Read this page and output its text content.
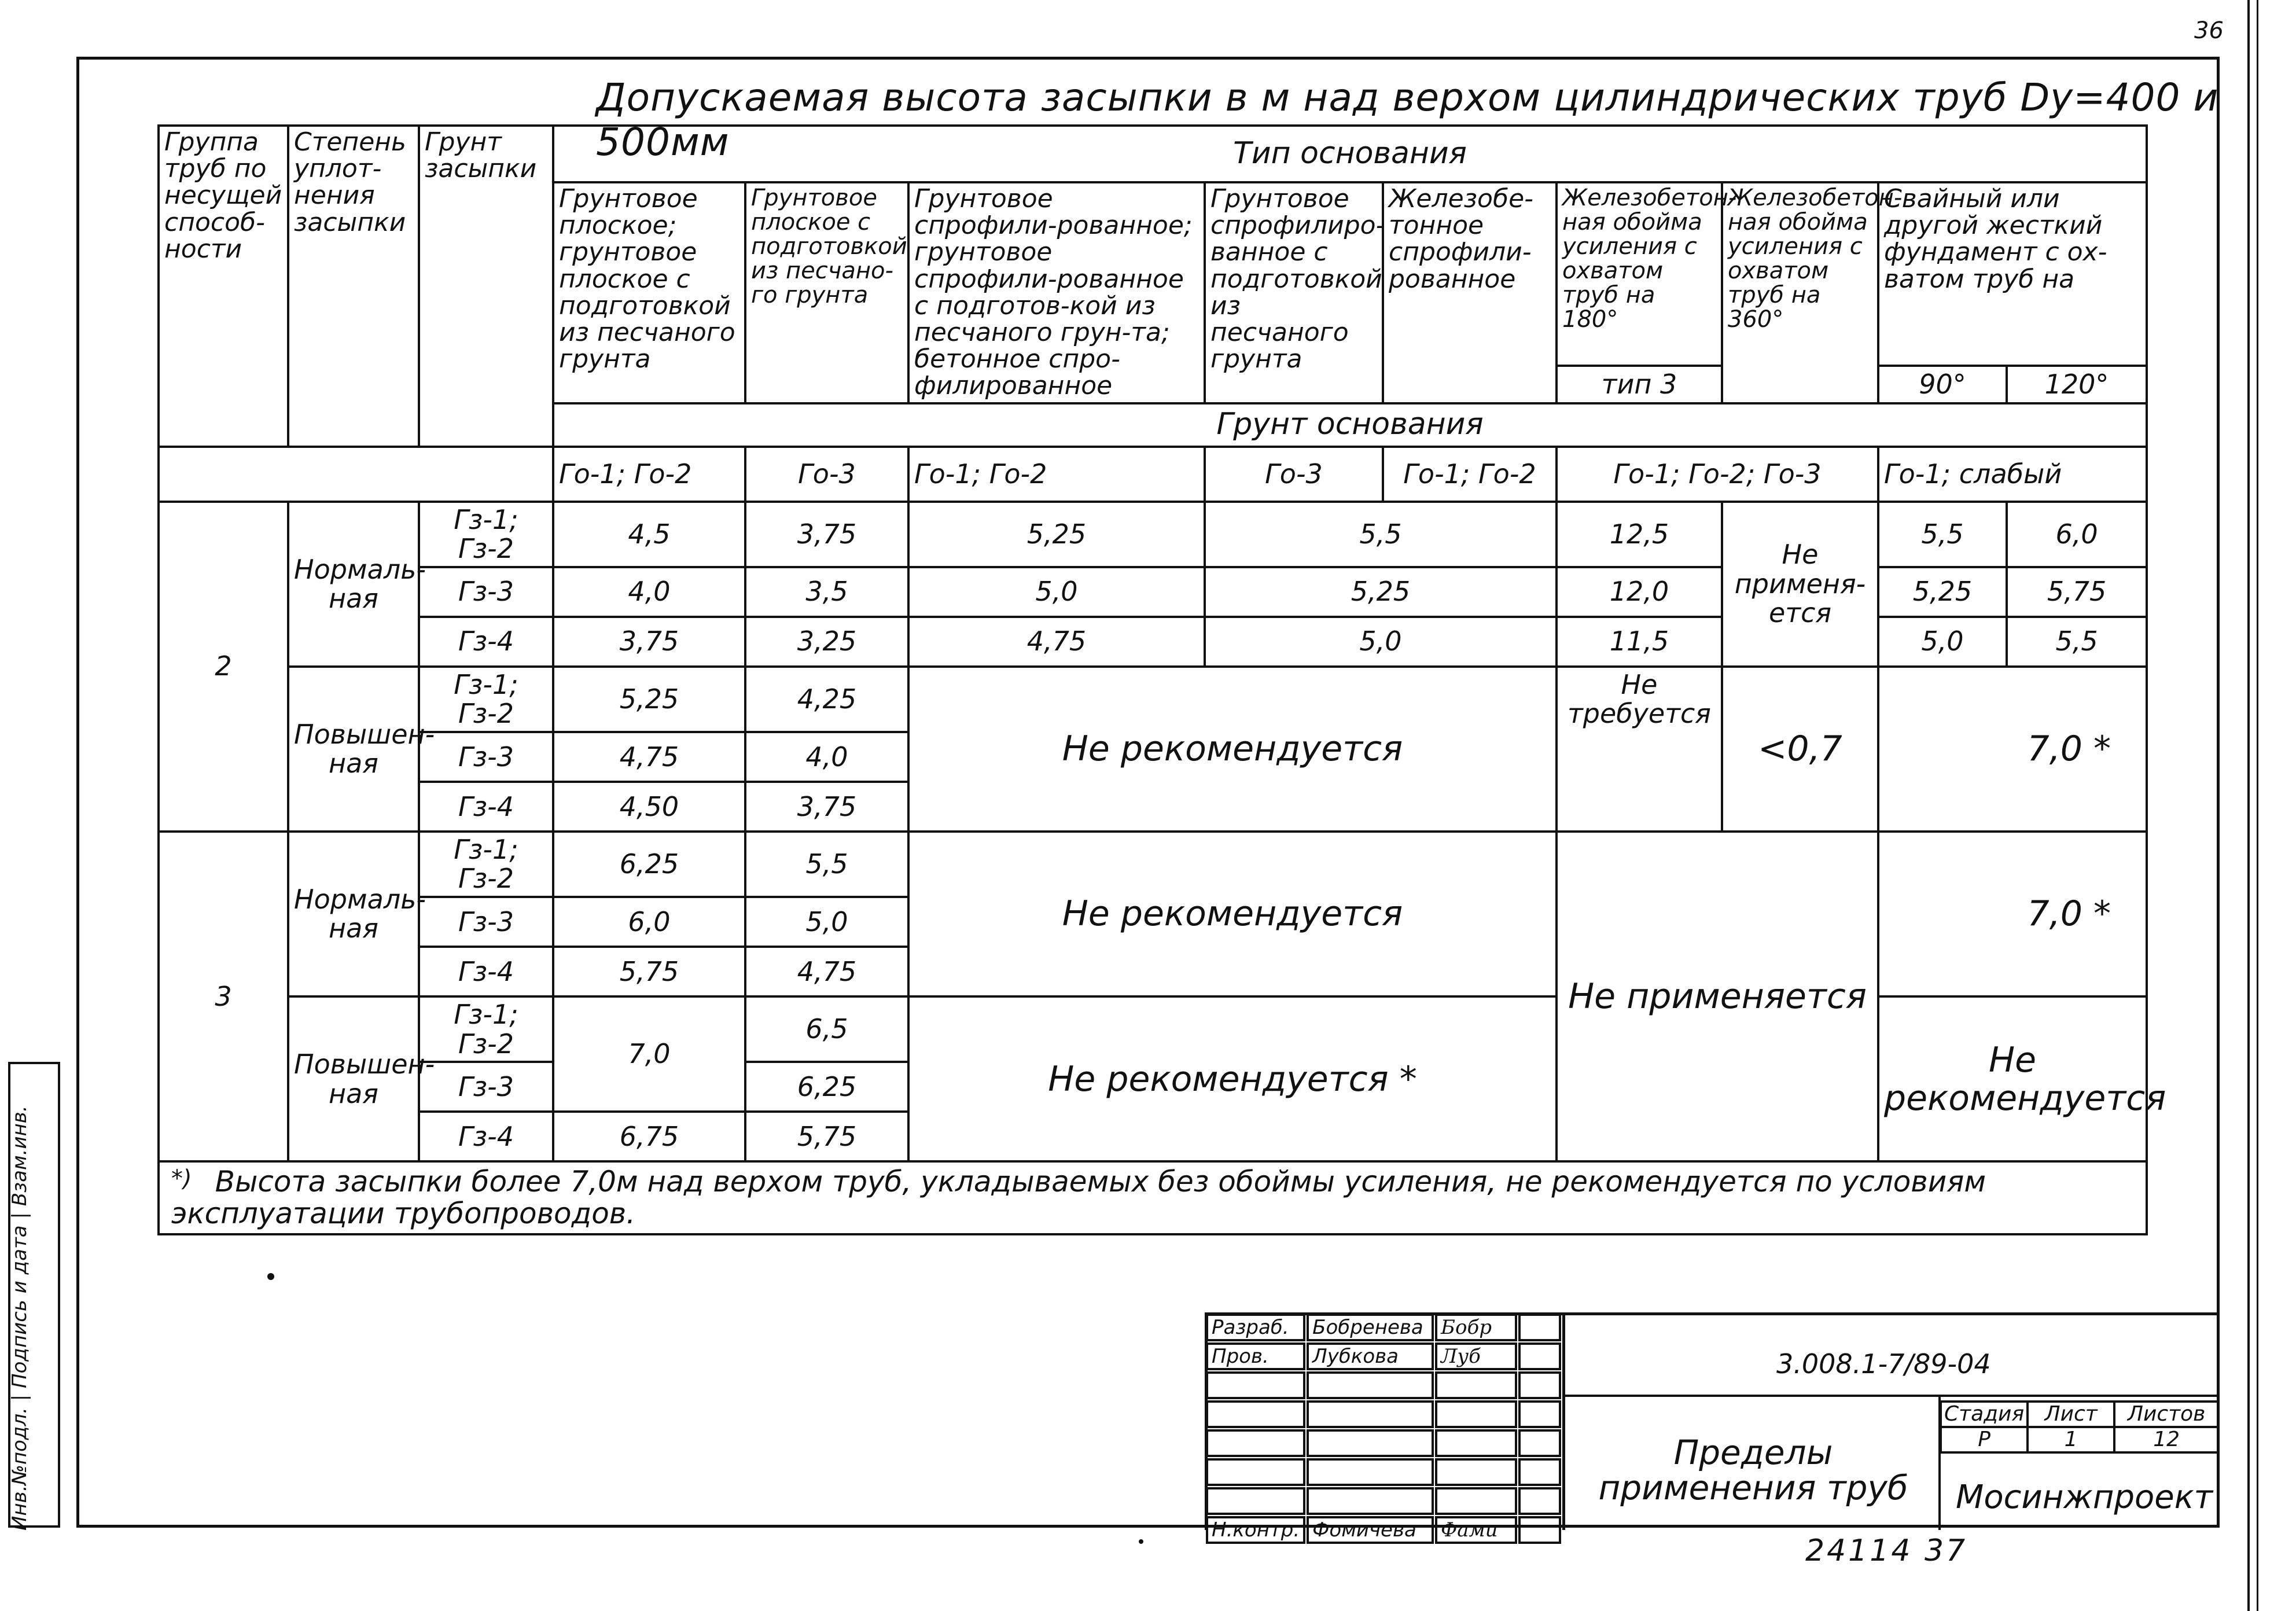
36
Допускаемая высота засыпки в м над верхом цилиндрических труб Dy=400 и 500мм
Группа труб по несущей способ-ности	Степень уплот-нения засыпки	Грунт засыпки	Тип основания								
			Грунтовое плоское; грунтовое плоское с подготовкой из песчаного грунта	Грунтовое плоское с подготовкой из песчано-го грунта	Грунтовое спрофили-рованное; грунтовое спрофили-рованное с подготов-кой из песчаного грун-та; бетонное спро-филированное	Грунтовое спрофилиро-ванное с подготовкой из песчаного грунта	Железобе-тонное спрофили-рованное	Железобетон-ная обойма усиления с охватом труб на 180°	Железобетон-ная обойма усиления с охватом труб на 360°	Свайный или другой жесткий фундамент с ох-ватом труб на	
								тип 3		90°	120°
			Грунт основания								
			Го-1; Го-2	Го-3	Го-1; Го-2	Го-3	Го-1; Го-2	Го-1; Го-2; Го-3		Го-1; слабый	
2	Нормаль-ная	Гз-1; Гз-2	4,5	3,75	5,25	5,5		12,5	Не применя-ется	5,5	6,0
		Гз-3	4,0	3,5	5,0	5,25		12,0		5,25	5,75
		Гз-4	3,75	3,25	4,75	5,0		11,5		5,0	5,5
	Повышен-ная	Гз-1; Гз-2	5,25	4,25	Не рекомендуется			Не требуется	<0,7	7,0 *	
		Гз-3	4,75	4,0							
		Гз-4	4,50	3,75							
3	Нормаль-ная	Гз-1; Гз-2	6,25	5,5	Не рекомендуется			Не применяется		7,0 *	
		Гз-3	6,0	5,0							
		Гз-4	5,75	4,75							
	Повышен-ная	Гз-1; Гз-2	7,0	6,5	Не рекомендуется *					Не рекомендуется	
		Гз-3		6,25							
		Гз-4	6,75	5,75							
*) Высота засыпки более 7,0м над верхом труб, укладываемых без обоймы усиления, не рекомендуется по условиям эксплуатации трубопроводов.											
Разраб.	Бобренева	Бобр	
Пров.	Лубкова	Луб	

Н.контр.	Фомичева	Фами	
3.008.1-7/89-04
Пределы применения труб
Стадия	Лист	Листов
Р	1	12
Мосинжпроект
Инв.№подл. | Подпись и дата | Взам.инв.
24114 37
